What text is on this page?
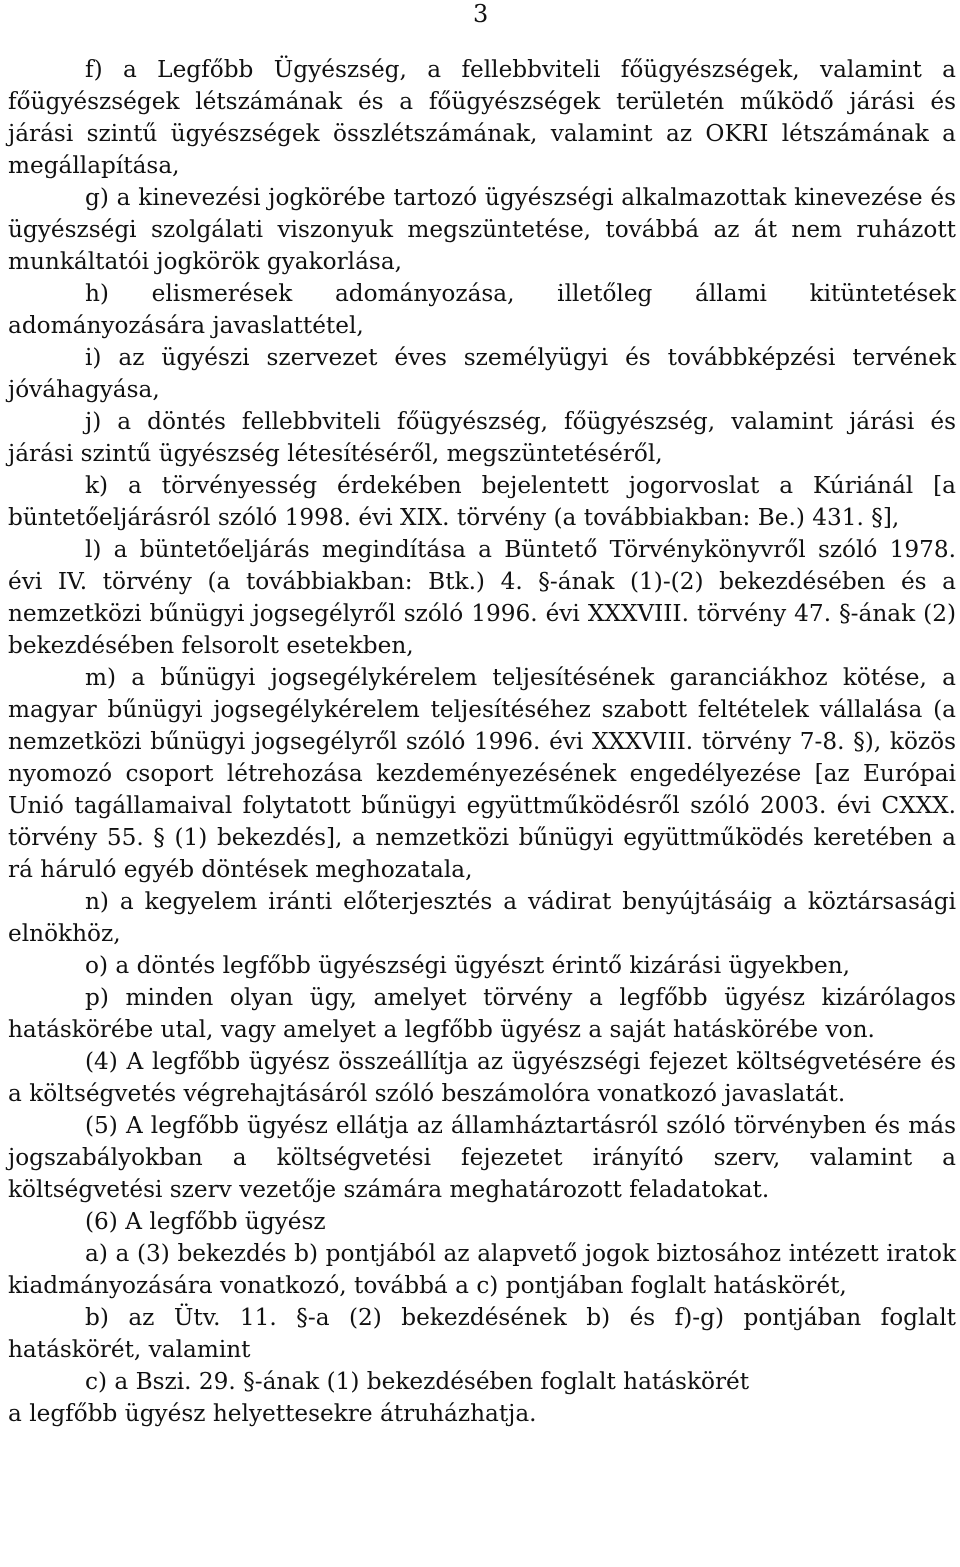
3

f) a Legfőbb Ügyészség, a fellebbviteli főügyészségek, valamint a főügyészségek létszámának és a főügyészségek területén működő járási és járási szintű ügyészségek összlétszámának, valamint az OKRI létszámának a megállapítása,

g) a kinevezési jogkörébe tartozó ügyészségi alkalmazottak kinevezése és ügyészségi szolgálati viszonyuk megszüntetése, továbbá az át nem ruházott munkáltatói jogkörök gyakorlása,

h) elismerések adományozása, illetőleg állami kitüntetések adományozására javaslattétel,

i) az ügyészi szervezet éves személyügyi és továbbképzési tervének jóváhagyása,

j) a döntés fellebbviteli főügyészség, főügyészség, valamint járási és járási szintű ügyészség létesítéséről, megszüntetéséről,

k) a törvényesség érdekében bejelentett jogorvoslat a Kúriánál [a büntetőeljárásról szóló 1998. évi XIX. törvény (a továbbiakban: Be.) 431. §],

l) a büntetőeljárás megindítása a Büntető Törvénykönyvről szóló 1978. évi IV. törvény (a továbbiakban: Btk.) 4. §-ának (1)-(2) bekezdésében és a nemzetközi bűnügyi jogsegélyről szóló 1996. évi XXXVIII. törvény 47. §-ának (2) bekezdésében felsorolt esetekben,

m) a bűnügyi jogsegélykérelem teljesítésének garanciákhoz kötése, a magyar bűnügyi jogsegélykérelem teljesítéséhez szabott feltételek vállalása (a nemzetközi bűnügyi jogsegélyről szóló 1996. évi XXXVIII. törvény 7-8. §), közös nyomozó csoport létrehozása kezdeményezésének engedélyezése [az Európai Unió tagállamaival folytatott bűnügyi együttműködésről szóló 2003. évi CXXX. törvény 55. § (1) bekezdés], a nemzetközi bűnügyi együttműködés keretében a rá háruló egyéb döntések meghozatala,

n) a kegyelem iránti előterjesztés a vádirat benyújtásáig a köztársasági elnökhöz,

o) a döntés legfőbb ügyészségi ügyészt érintő kizárási ügyekben,

p) minden olyan ügy, amelyet törvény a legfőbb ügyész kizárólagos hatáskörébe utal, vagy amelyet a legfőbb ügyész a saját hatáskörébe von.

(4) A legfőbb ügyész összeállítja az ügyészségi fejezet költségvetésére és a költségvetés végrehajtásáról szóló beszámolóra vonatkozó javaslatát.

(5) A legfőbb ügyész ellátja az államháztartásról szóló törvényben és más jogszabályokban a költségvetési fejezetet irányító szerv, valamint a költségvetési szerv vezetője számára meghatározott feladatokat.

(6) A legfőbb ügyész

a) a (3) bekezdés b) pontjából az alapvető jogok biztosához intézett iratok kiadmányozására vonatkozó, továbbá a c) pontjában foglalt hatáskörét,

b) az Ütv. 11. §-a (2) bekezdésének b) és f)-g) pontjában foglalt hatáskörét, valamint

c) a Bszi. 29. §-ának (1) bekezdésében foglalt hatáskörét

a legfőbb ügyész helyettesekre átruházhatja.
